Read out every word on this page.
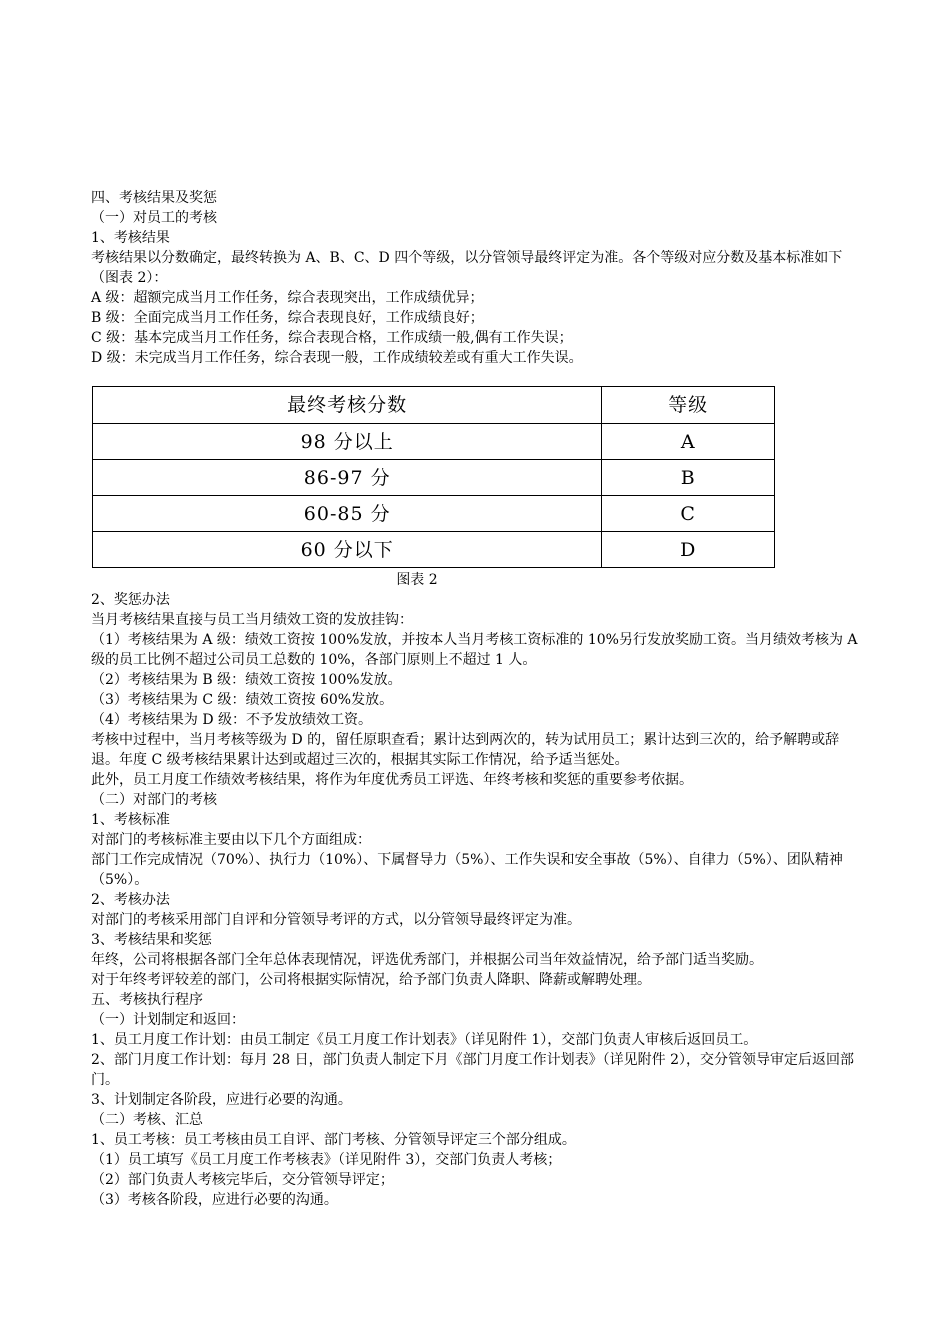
四、考核结果及奖惩
（一）对员工的考核
1、考核结果
考核结果以分数确定，最终转换为 A、B、C、D 四个等级，以分管领导最终评定为准。各个等级对应分数及基本标准如下（图表 2）：
A 级：超额完成当月工作任务，综合表现突出，工作成绩优异；
B 级：全面完成当月工作任务，综合表现良好，工作成绩良好；
C 级：基本完成当月工作任务，综合表现合格，工作成绩一般,偶有工作失误；
D 级：未完成当月工作任务，综合表现一般，工作成绩较差或有重大工作失误。
最终考核分数	等级
98 分以上	A
86-97 分	B
60-85 分	C
60 分以下	D
图表 2
2、奖惩办法
当月考核结果直接与员工当月绩效工资的发放挂钩：
（1）考核结果为 A 级：绩效工资按 100%发放，并按本人当月考核工资标准的 10%另行发放奖励工资。当月绩效考核为 A 级的员工比例不超过公司员工总数的 10%，各部门原则上不超过 1 人。
（2）考核结果为 B 级：绩效工资按 100%发放。
（3）考核结果为 C 级：绩效工资按 60%发放。
（4）考核结果为 D 级：不予发放绩效工资。
考核中过程中，当月考核等级为 D 的，留任原职查看；累计达到两次的，转为试用员工；累计达到三次的，给予解聘或辞退。年度 C 级考核结果累计达到或超过三次的，根据其实际工作情况，给予适当惩处。
此外，员工月度工作绩效考核结果，将作为年度优秀员工评选、年终考核和奖惩的重要参考依据。
（二）对部门的考核
1、考核标准
对部门的考核标准主要由以下几个方面组成：
部门工作完成情况（70%）、执行力（10%）、下属督导力（5%）、工作失误和安全事故（5%）、自律力（5%）、团队精神（5%）。
2、考核办法
对部门的考核采用部门自评和分管领导考评的方式，以分管领导最终评定为准。
3、考核结果和奖惩
年终，公司将根据各部门全年总体表现情况，评选优秀部门，并根据公司当年效益情况，给予部门适当奖励。
对于年终考评较差的部门，公司将根据实际情况，给予部门负责人降职、降薪或解聘处理。
五、考核执行程序
（一）计划制定和返回：
1、员工月度工作计划：由员工制定《员工月度工作计划表》（详见附件 1），交部门负责人审核后返回员工。
2、部门月度工作计划：每月 28 日，部门负责人制定下月《部门月度工作计划表》（详见附件 2），交分管领导审定后返回部门。
3、计划制定各阶段，应进行必要的沟通。
（二）考核、汇总
1、员工考核：员工考核由员工自评、部门考核、分管领导评定三个部分组成。
（1）员工填写《员工月度工作考核表》（详见附件 3），交部门负责人考核；
（2）部门负责人考核完毕后，交分管领导评定；
（3）考核各阶段，应进行必要的沟通。
